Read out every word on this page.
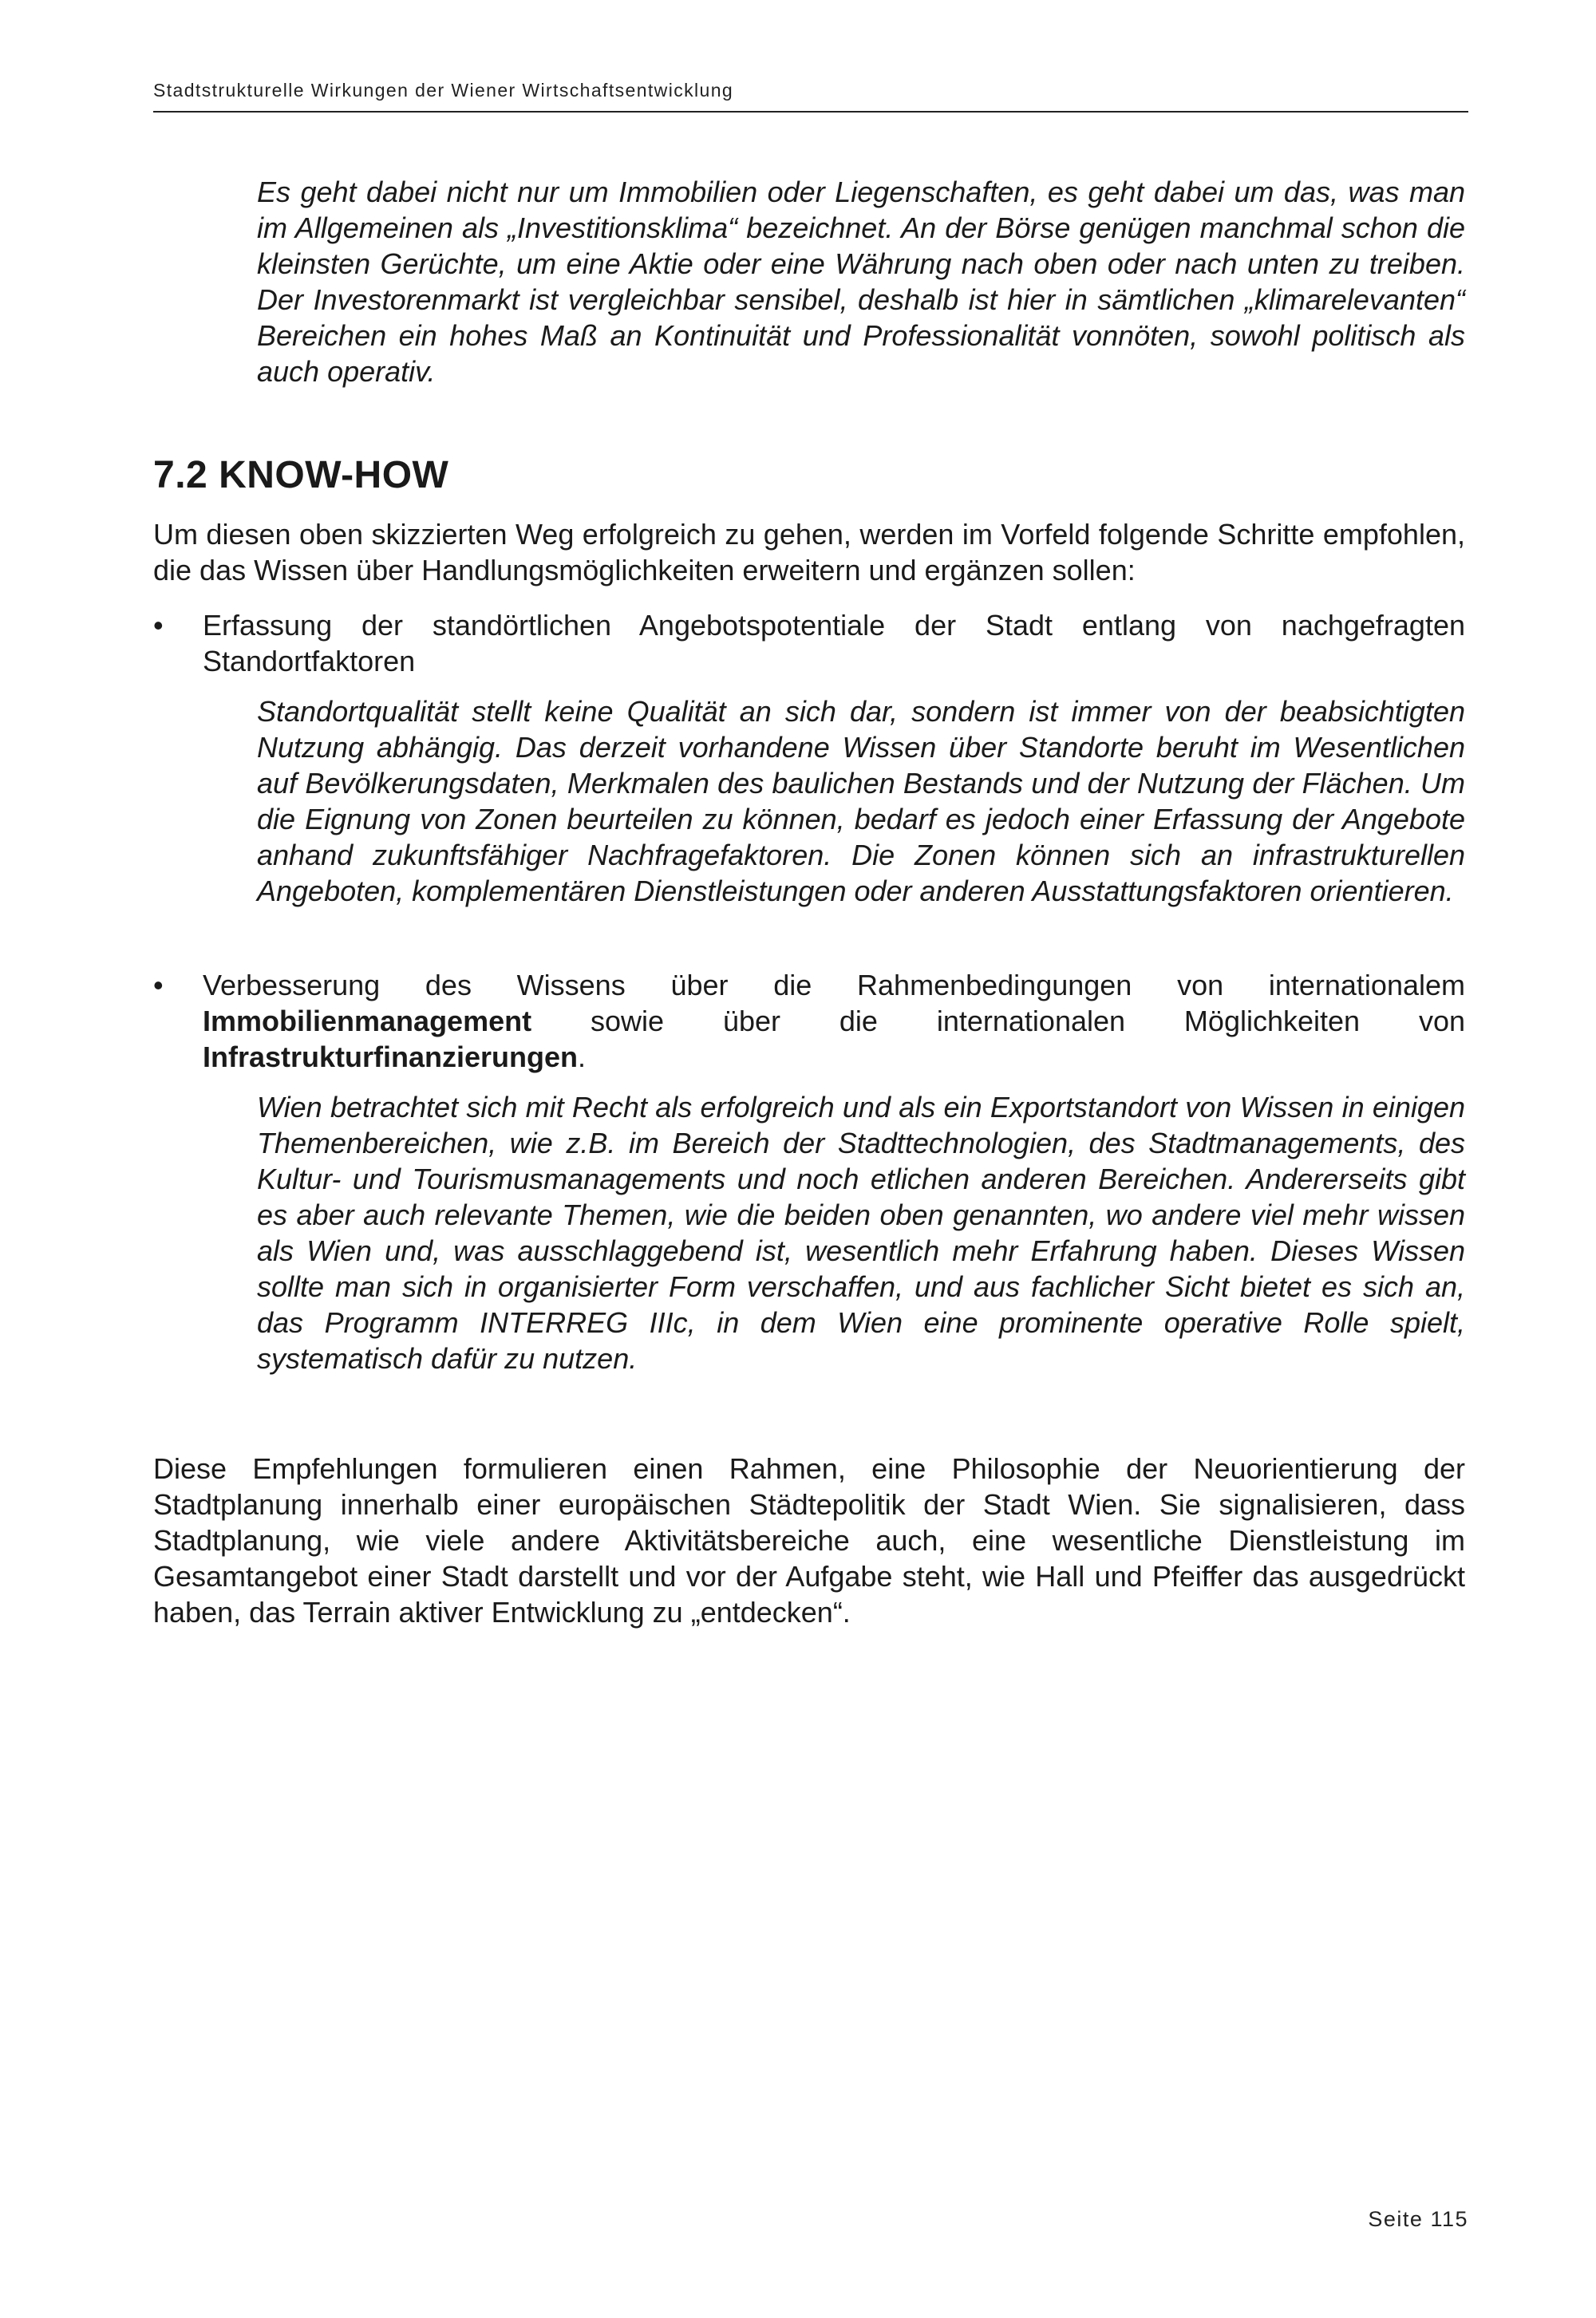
Stadtstrukturelle Wirkungen der Wiener Wirtschaftsentwicklung

Es geht dabei nicht nur um Immobilien oder Liegenschaften, es geht dabei um das, was man im Allgemeinen als „Investitionsklima“ bezeichnet. An der Börse genügen manchmal schon die kleinsten Gerüchte, um eine Aktie oder eine Währung nach oben oder nach unten zu treiben. Der Investorenmarkt ist vergleichbar sensibel, deshalb ist hier in sämtlichen „klimarelevanten“ Bereichen ein hohes Maß an Kontinuität und Professionalität vonnöten, sowohl politisch als auch operativ.

7.2 KNOW-HOW

Um diesen oben skizzierten Weg erfolgreich zu gehen, werden im Vorfeld folgende Schritte empfohlen, die das Wissen über Handlungsmöglichkeiten erweitern und ergänzen sollen:

• Erfassung der standörtlichen Angebotspotentiale der Stadt entlang von nachgefragten Standortfaktoren

Standortqualität stellt keine Qualität an sich dar, sondern ist immer von der beabsichtigten Nutzung abhängig. Das derzeit vorhandene Wissen über Standorte beruht im Wesentlichen auf Bevölkerungsdaten, Merkmalen des baulichen Bestands und der Nutzung der Flächen. Um die Eignung von Zonen beurteilen zu können, bedarf es jedoch einer Erfassung der Angebote anhand zukunftsfähiger Nachfragefaktoren. Die Zonen können sich an infrastrukturellen Angeboten, komplementären Dienstleistungen oder anderen Ausstattungsfaktoren orientieren.

• Verbesserung des Wissens über die Rahmenbedingungen von internationalem Immobilienmanagement sowie über die internationalen Möglichkeiten von Infrastrukturfinanzierungen.

Wien betrachtet sich mit Recht als erfolgreich und als ein Exportstandort von Wissen in einigen Themenbereichen, wie z.B. im Bereich der Stadttechnologien, des Stadtmanagements, des Kultur- und Tourismusmanagements und noch etlichen anderen Bereichen. Andererseits gibt es aber auch relevante Themen, wie die beiden oben genannten, wo andere viel mehr wissen als Wien und, was ausschlaggebend ist, wesentlich mehr Erfahrung haben. Dieses Wissen sollte man sich in organisierter Form verschaffen, und aus fachlicher Sicht bietet es sich an, das Programm INTERREG IIIc, in dem Wien eine prominente operative Rolle spielt, systematisch dafür zu nutzen.

Diese Empfehlungen formulieren einen Rahmen, eine Philosophie der Neuorientierung der Stadtplanung innerhalb einer europäischen Städtepolitik der Stadt Wien. Sie signalisieren, dass Stadtplanung, wie viele andere Aktivitätsbereiche auch, eine wesentliche Dienstleistung im Gesamtangebot einer Stadt darstellt und vor der Aufgabe steht, wie Hall und Pfeiffer das ausgedrückt haben, das Terrain aktiver Entwicklung zu „entdecken“.

Seite 115
